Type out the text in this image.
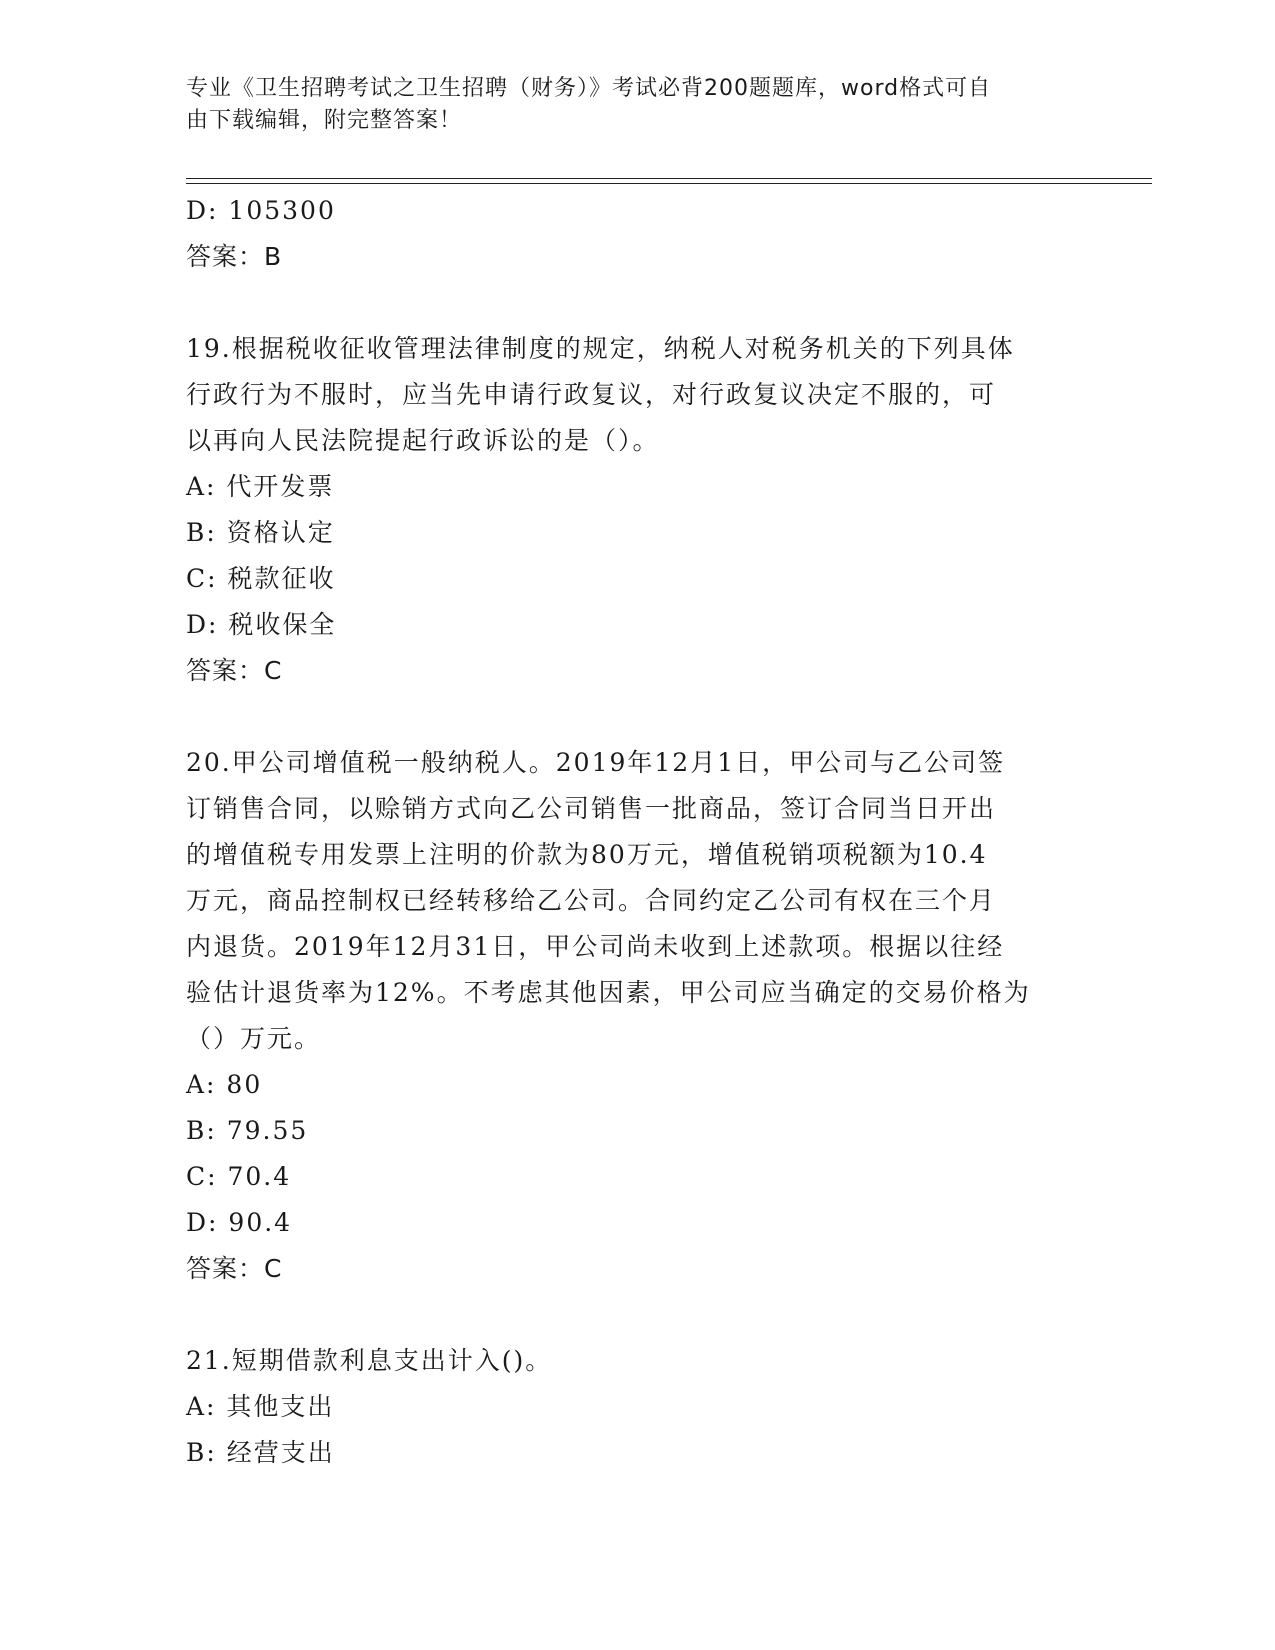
专业《卫生招聘考试之卫生招聘（财务）》考试必背200题题库，word格式可自
由下载编辑，附完整答案！
D: 105300
答案：B
19.根据税收征收管理法律制度的规定，纳税人对税务机关的下列具体
行政行为不服时，应当先申请行政复议，对行政复议决定不服的，可
以再向人民法院提起行政诉讼的是（）。
A: 代开发票
B: 资格认定
C: 税款征收
D: 税收保全
答案：C
20.甲公司增值税一般纳税人。2019年12月1日，甲公司与乙公司签
订销售合同，以赊销方式向乙公司销售一批商品，签订合同当日开出
的增值税专用发票上注明的价款为80万元，增值税销项税额为10.4
万元，商品控制权已经转移给乙公司。合同约定乙公司有权在三个月
内退货。2019年12月31日，甲公司尚未收到上述款项。根据以往经
验估计退货率为12%。不考虑其他因素，甲公司应当确定的交易价格为
（）万元。
A: 80
B: 79.55
C: 70.4
D: 90.4
答案：C
21.短期借款利息支出计入()。
A: 其他支出
B: 经营支出
